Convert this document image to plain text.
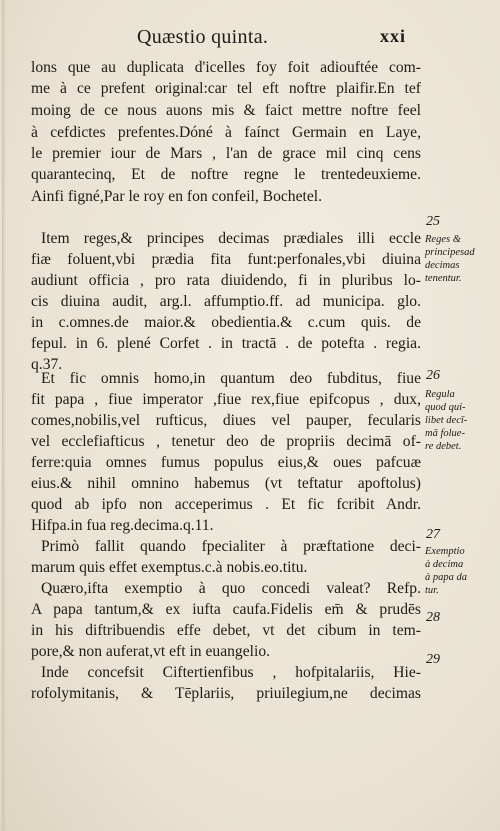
Quæstio quinta.	xxi
lons que au duplicata d'icelles foy foit adiouftée com-
me à ce prefent original:car tel eft noftre plaifir.En tef
moing de ce nous auons mis & faict mettre noftre feel
à cefdictes prefentes.Dóné à faínct Germain en Laye,
le premier iour de Mars , l'an de grace mil cinq cens
quarantecinq, Et de noftre regne le trentedeuxieme.
Ainfi figné,Par le roy en fon confeil, Bochetel.
Item reges,& principes decimas prædiales illi eccle
fiæ foluent,vbi prædia fita funt:perfonales,vbi diuina
audiunt officia , pro rata diuidendo, fi in pluribus lo-
cis diuina audit, arg.l. affumptio.ff. ad municipa. glo.
in c.omnes.de maior.& obedientia.& c.cum quis. de
fepul. in 6. plené Corfet . in tractā . de potefta . regia.
q.37.
Et fic omnis homo,in quantum deo fubditus, fiue
fit papa , fiue imperator ,fiue rex,fiue epifcopus , dux,
comes,nobilis,vel rufticus, diues vel pauper, fecularis
vel ecclefiafticus , tenetur deo de propriis decimā of-
ferre:quia omnes fumus populus eius,& oues pafcuæ
eius.& nihil omnino habemus (vt teftatur apoftolus)
quod ab ipfo non acceperimus . Et fic fcribit Andr.
Hifpa.in fua reg.decima.q.11.
Primò fallit quando fpecialiter à præftatione deci-
marum quis effet exemptus.c.à nobis.eo.titu.
Quæro,ifta exemptio à quo concedi valeat? Refp.
A papa tantum,& ex iufta caufa.Fidelis em̄ & prudēs
in his diftribuendis effe debet, vt det cibum in tem-
pore,& non auferat,vt eft in euangelio.
Inde concefsit Ciftertienfibus , hofpitalariis, Hie-
rofolymitanis, & Tēplariis, priuilegium,ne decimas
25
Reges &
principesad
decimas
tenentur.
26
Regula
quod qui-
libet decī-
mā folue-
re debet.
27
Exemptio
à decima
à papa da
tur.
28
29
